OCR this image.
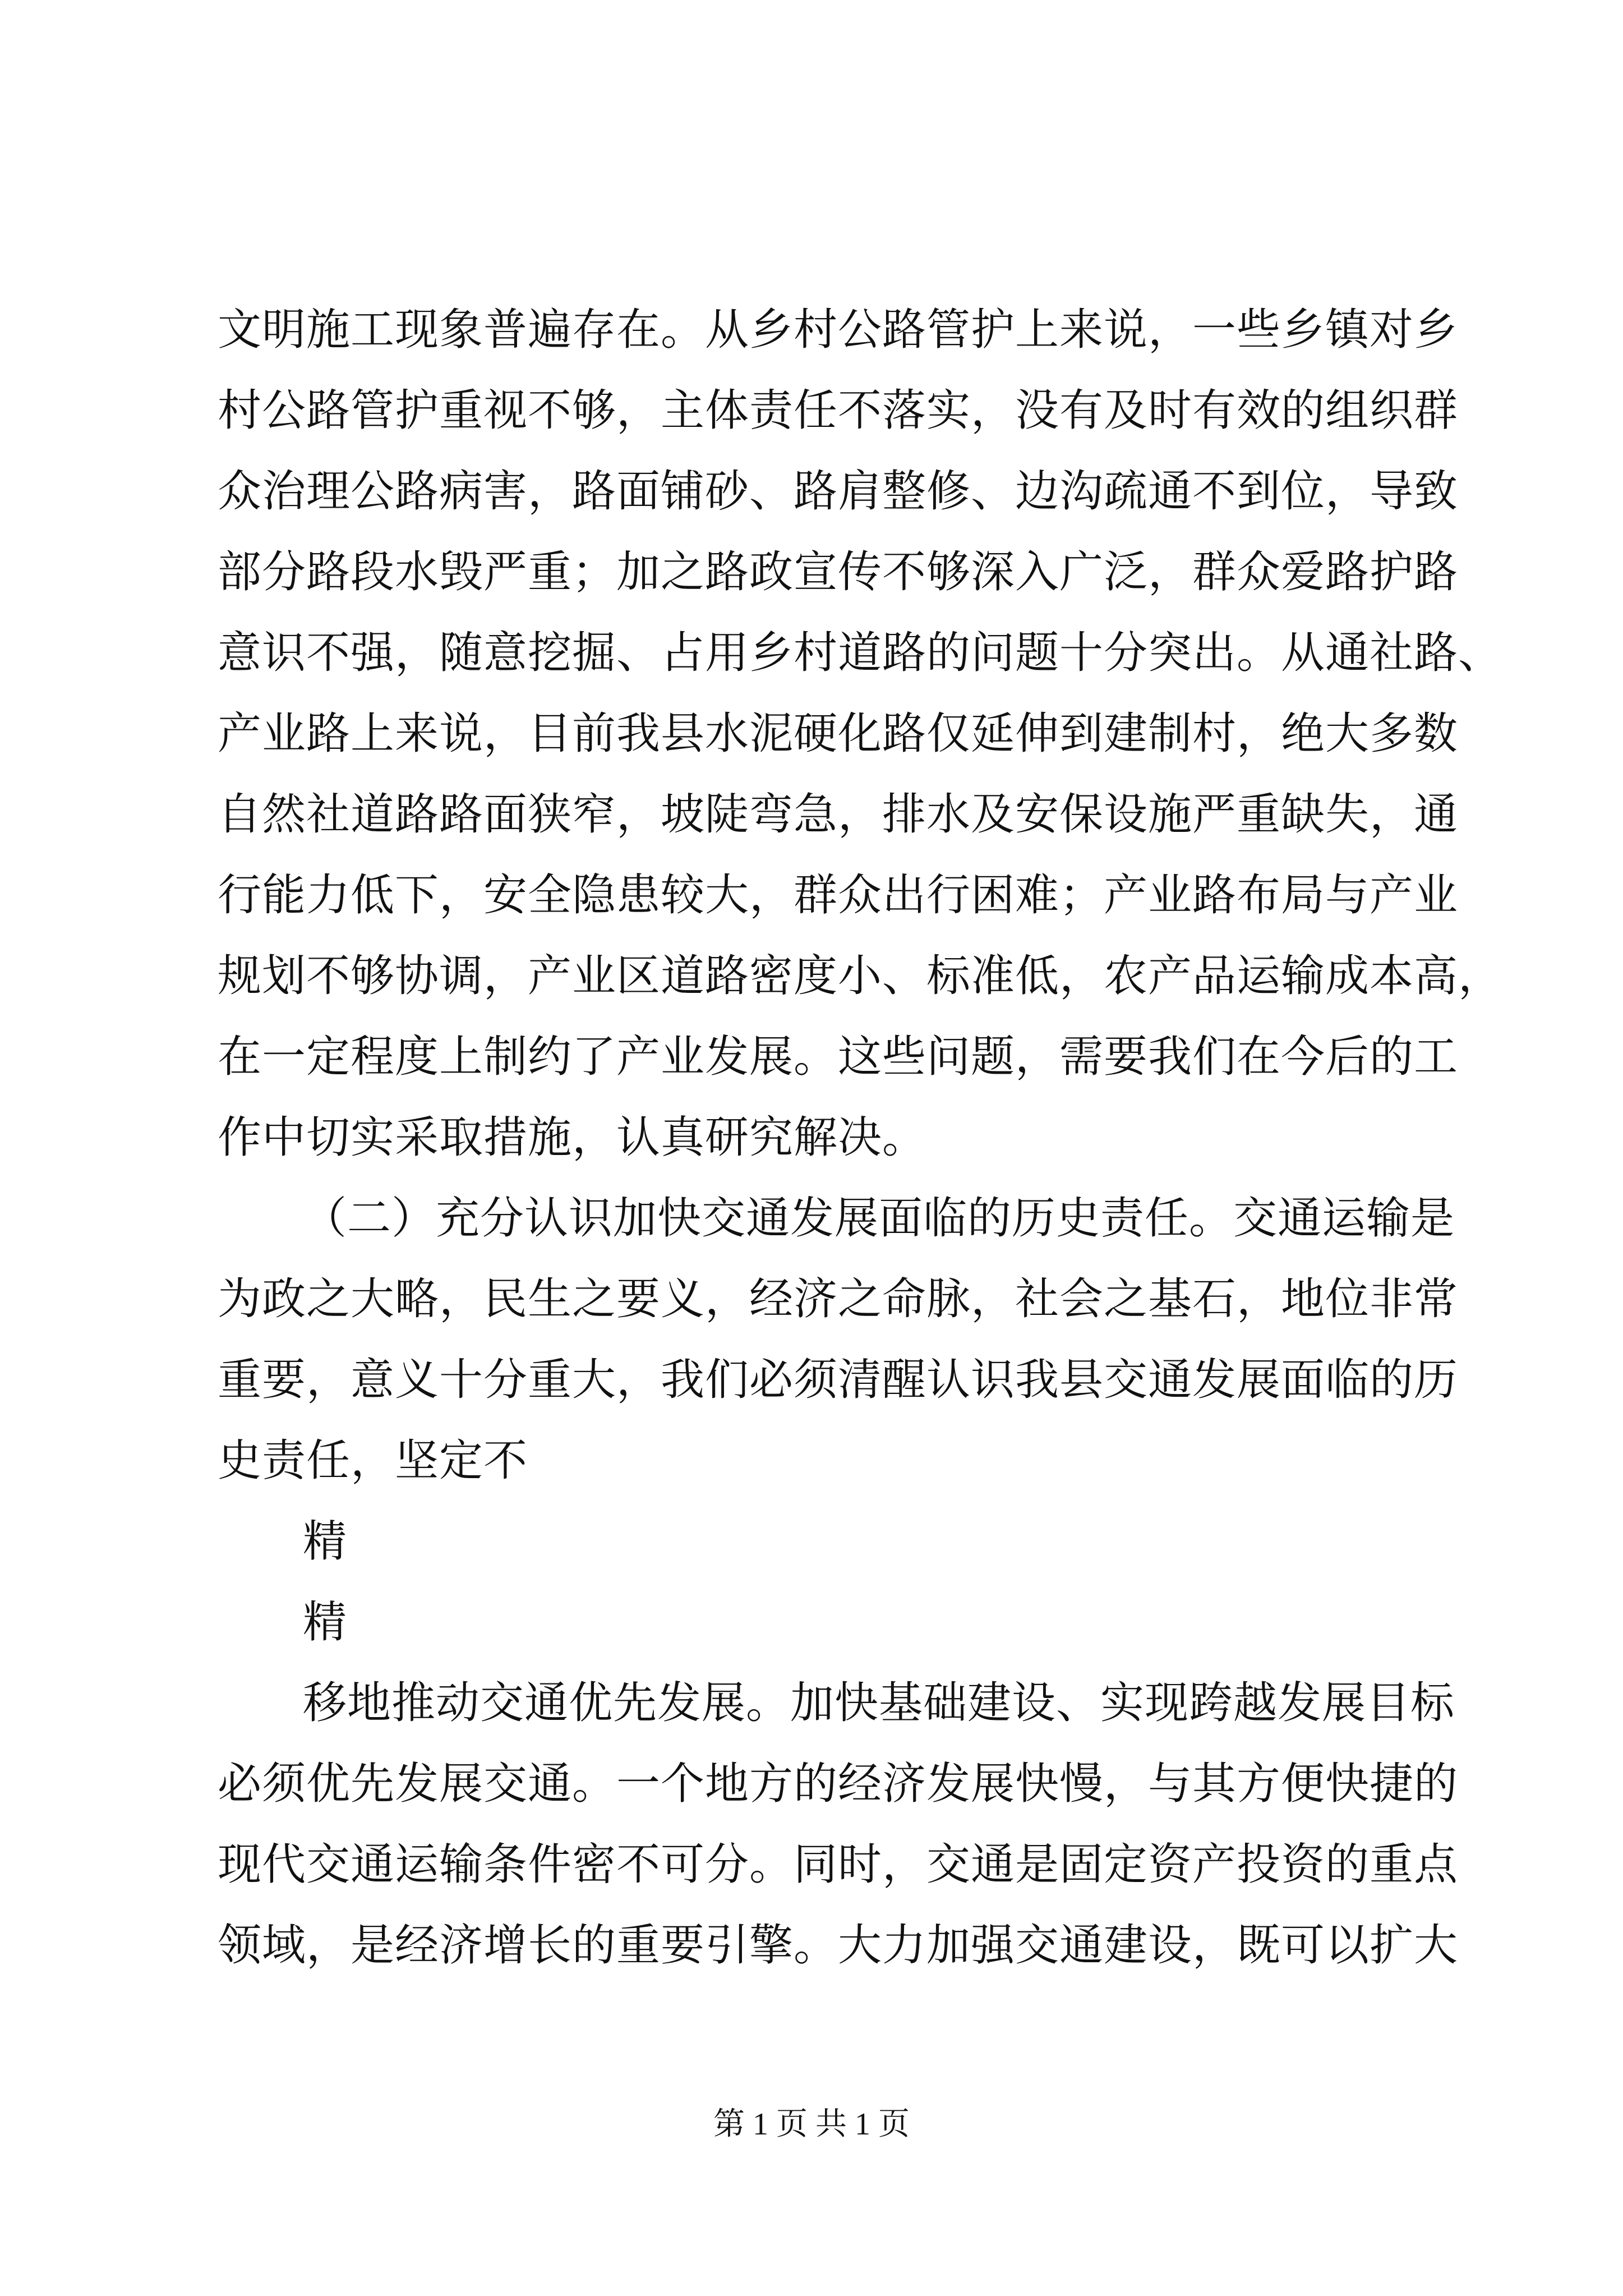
文明施工现象普遍存在。从乡村公路管护上来说，一些乡镇对乡
村公路管护重视不够，主体责任不落实，没有及时有效的组织群
众治理公路病害，路面铺砂、路肩整修、边沟疏通不到位，导致
部分路段水毁严重；加之路政宣传不够深入广泛，群众爱路护路
意识不强，随意挖掘、占用乡村道路的问题十分突出。从通社路、
产业路上来说，目前我县水泥硬化路仅延伸到建制村，绝大多数
自然社道路路面狭窄，坡陡弯急，排水及安保设施严重缺失，通
行能力低下，安全隐患较大，群众出行困难；产业路布局与产业
规划不够协调，产业区道路密度小、标准低，农产品运输成本高，
在一定程度上制约了产业发展。这些问题，需要我们在今后的工
作中切实采取措施，认真研究解决。
（二）充分认识加快交通发展面临的历史责任。交通运输是
为政之大略，民生之要义，经济之命脉，社会之基石，地位非常
重要，意义十分重大，我们必须清醒认识我县交通发展面临的历
史责任，坚定不
精
精
移地推动交通优先发展。加快基础建设、实现跨越发展目标
必须优先发展交通。一个地方的经济发展快慢，与其方便快捷的
现代交通运输条件密不可分。同时，交通是固定资产投资的重点
领域，是经济增长的重要引擎。大力加强交通建设，既可以扩大
第 1 页 共 1 页
